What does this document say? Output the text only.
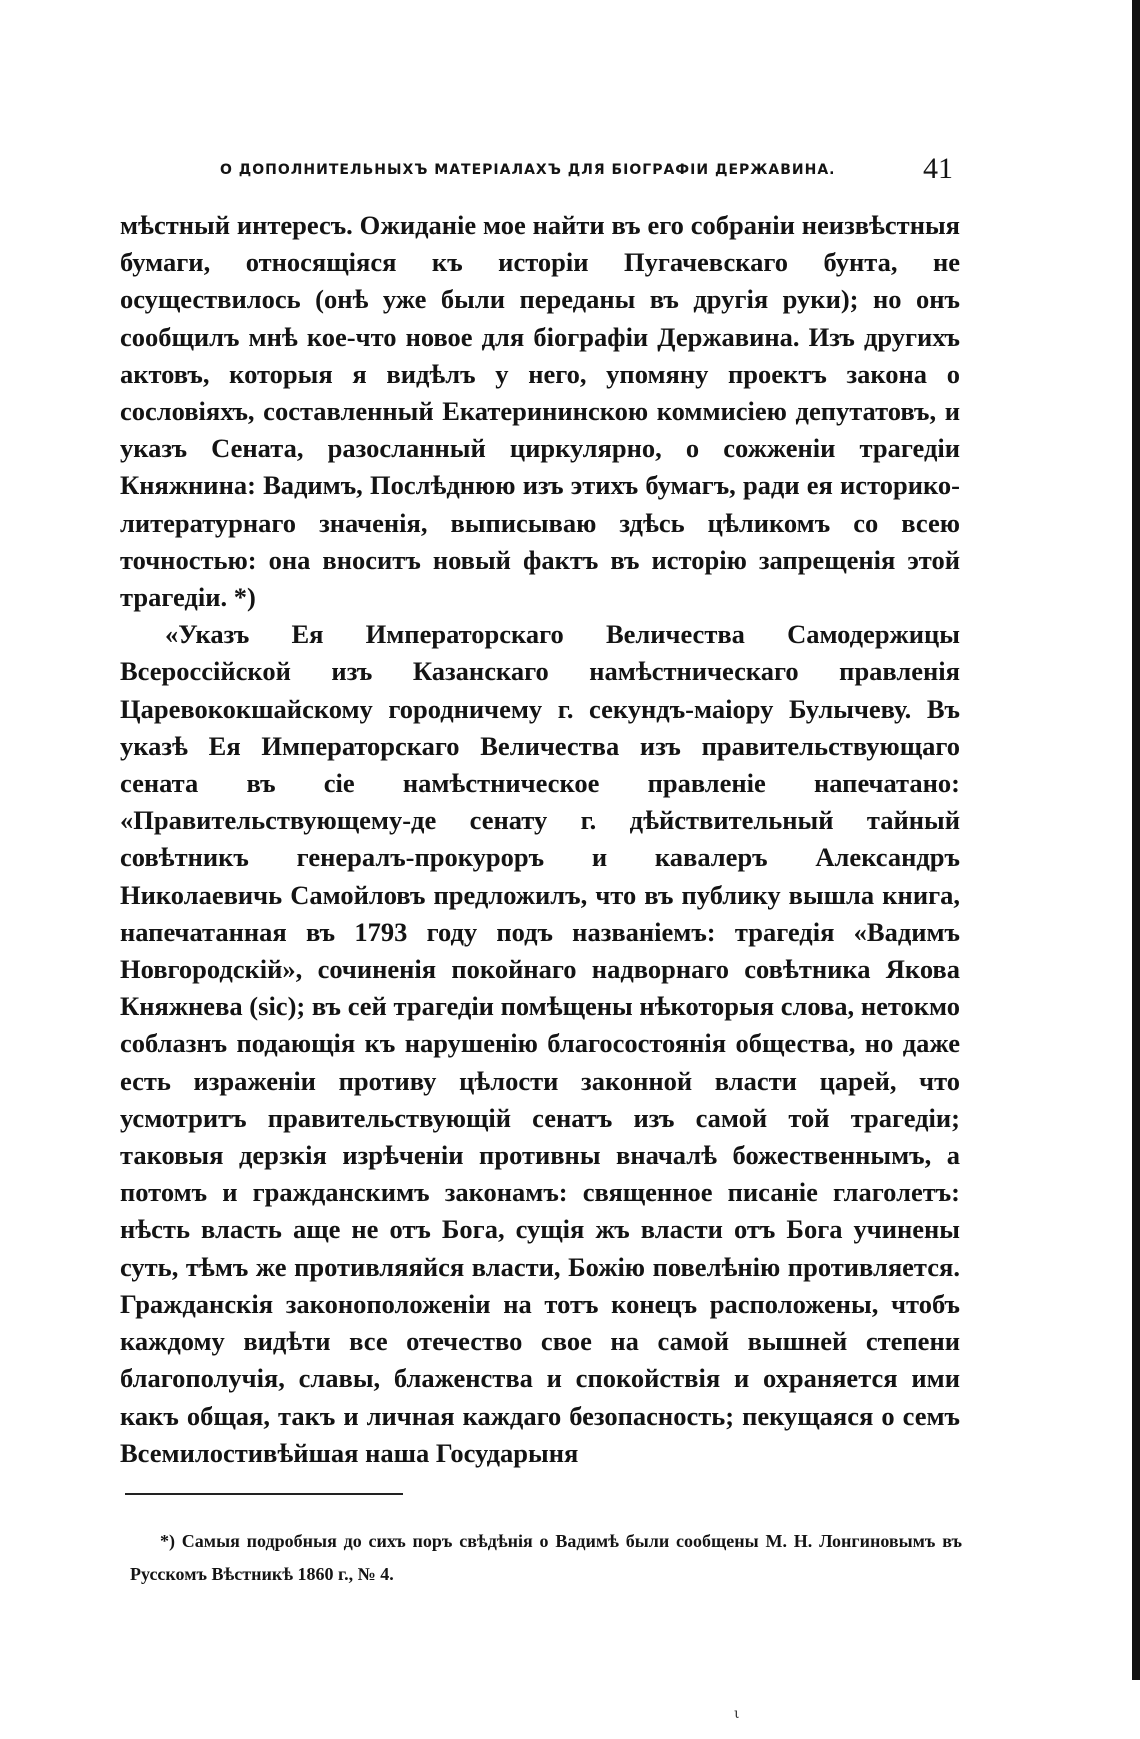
О ДОПОЛНИТЕЛЬНЫХЪ МАТЕРІАЛАХЪ ДЛЯ БІОГРАФІИ ДЕРЖАВИНА.	41

мѣстный интересъ. Ожиданіе мое найти въ его собраніи неизвѣстныя бумаги, относящіяся къ исторіи Пугачевскаго бунта, не осуществилось (онѣ уже были переданы въ другія руки); но онъ сообщилъ мнѣ кое-что новое для біографіи Державина. Изъ другихъ актовъ, которыя я видѣлъ у него, упомяну проектъ закона о сословіяхъ, составленный Екатерининскою коммисіею депутатовъ, и указъ Сената, разосланный циркулярно, о сожженіи трагедіи Княжнина: Вадимъ, Послѣднюю изъ этихъ бумагъ, ради ея историко-литературнаго значенія, выписываю здѣсь цѣликомъ со всею точностью: она вноситъ новый фактъ въ исторію запрещенія этой трагедіи. *)

«Указъ Ея Императорскаго Величества Самодержицы Всероссійской изъ Казанскаго намѣстническаго правленія Царевококшайскому городничему г. секундъ-маіору Булычеву. Въ указѣ Ея Императорскаго Величества изъ правительствующаго сената въ сіе намѣстническое правленіе напечатано: «Правительствующему-де сенату г. дѣйствительный тайный совѣтникъ генералъ-прокуроръ и кавалеръ Александръ Николаевичь Самойловъ предложилъ, что въ публику вышла книга, напечатанная въ 1793 году подъ названіемъ: трагедія «Вадимъ Новгородскій», сочиненія покойнаго надворнаго совѣтника Якова Княжнева (sic); въ сей трагедіи помѣщены нѣкоторыя слова, нетокмо соблазнъ подающія къ нарушенію благосостоянія общества, но даже есть израженіи противу цѣлости законной власти царей, что усмотритъ правительствующій сенатъ изъ самой той трагедіи; таковыя дерзкія изрѣченіи противны вначалѣ божественнымъ, а потомъ и гражданскимъ законамъ: священное писаніе глаголетъ: нѣсть власть аще не отъ Бога, сущія жъ власти отъ Бога учинены суть, тѣмъ же противляяйся власти, Божію повелѣнію противляется. Гражданскія законоположеніи на тотъ конецъ расположены, чтобъ каждому видѣти все отечество свое на самой вышней степени благополучія, славы, блаженства и спокойствія и охраняется ими какъ общая, такъ и личная каждаго безопасность; пекущаяся о семъ Всемилостивѣйшая наша Государыня

*) Самыя подробныя до сихъ поръ свѣдѣнія о Вадимѣ были сообщены М. Н. Лонгиновымъ въ Русскомъ Вѣстникѣ 1860 г., № 4.
ι
